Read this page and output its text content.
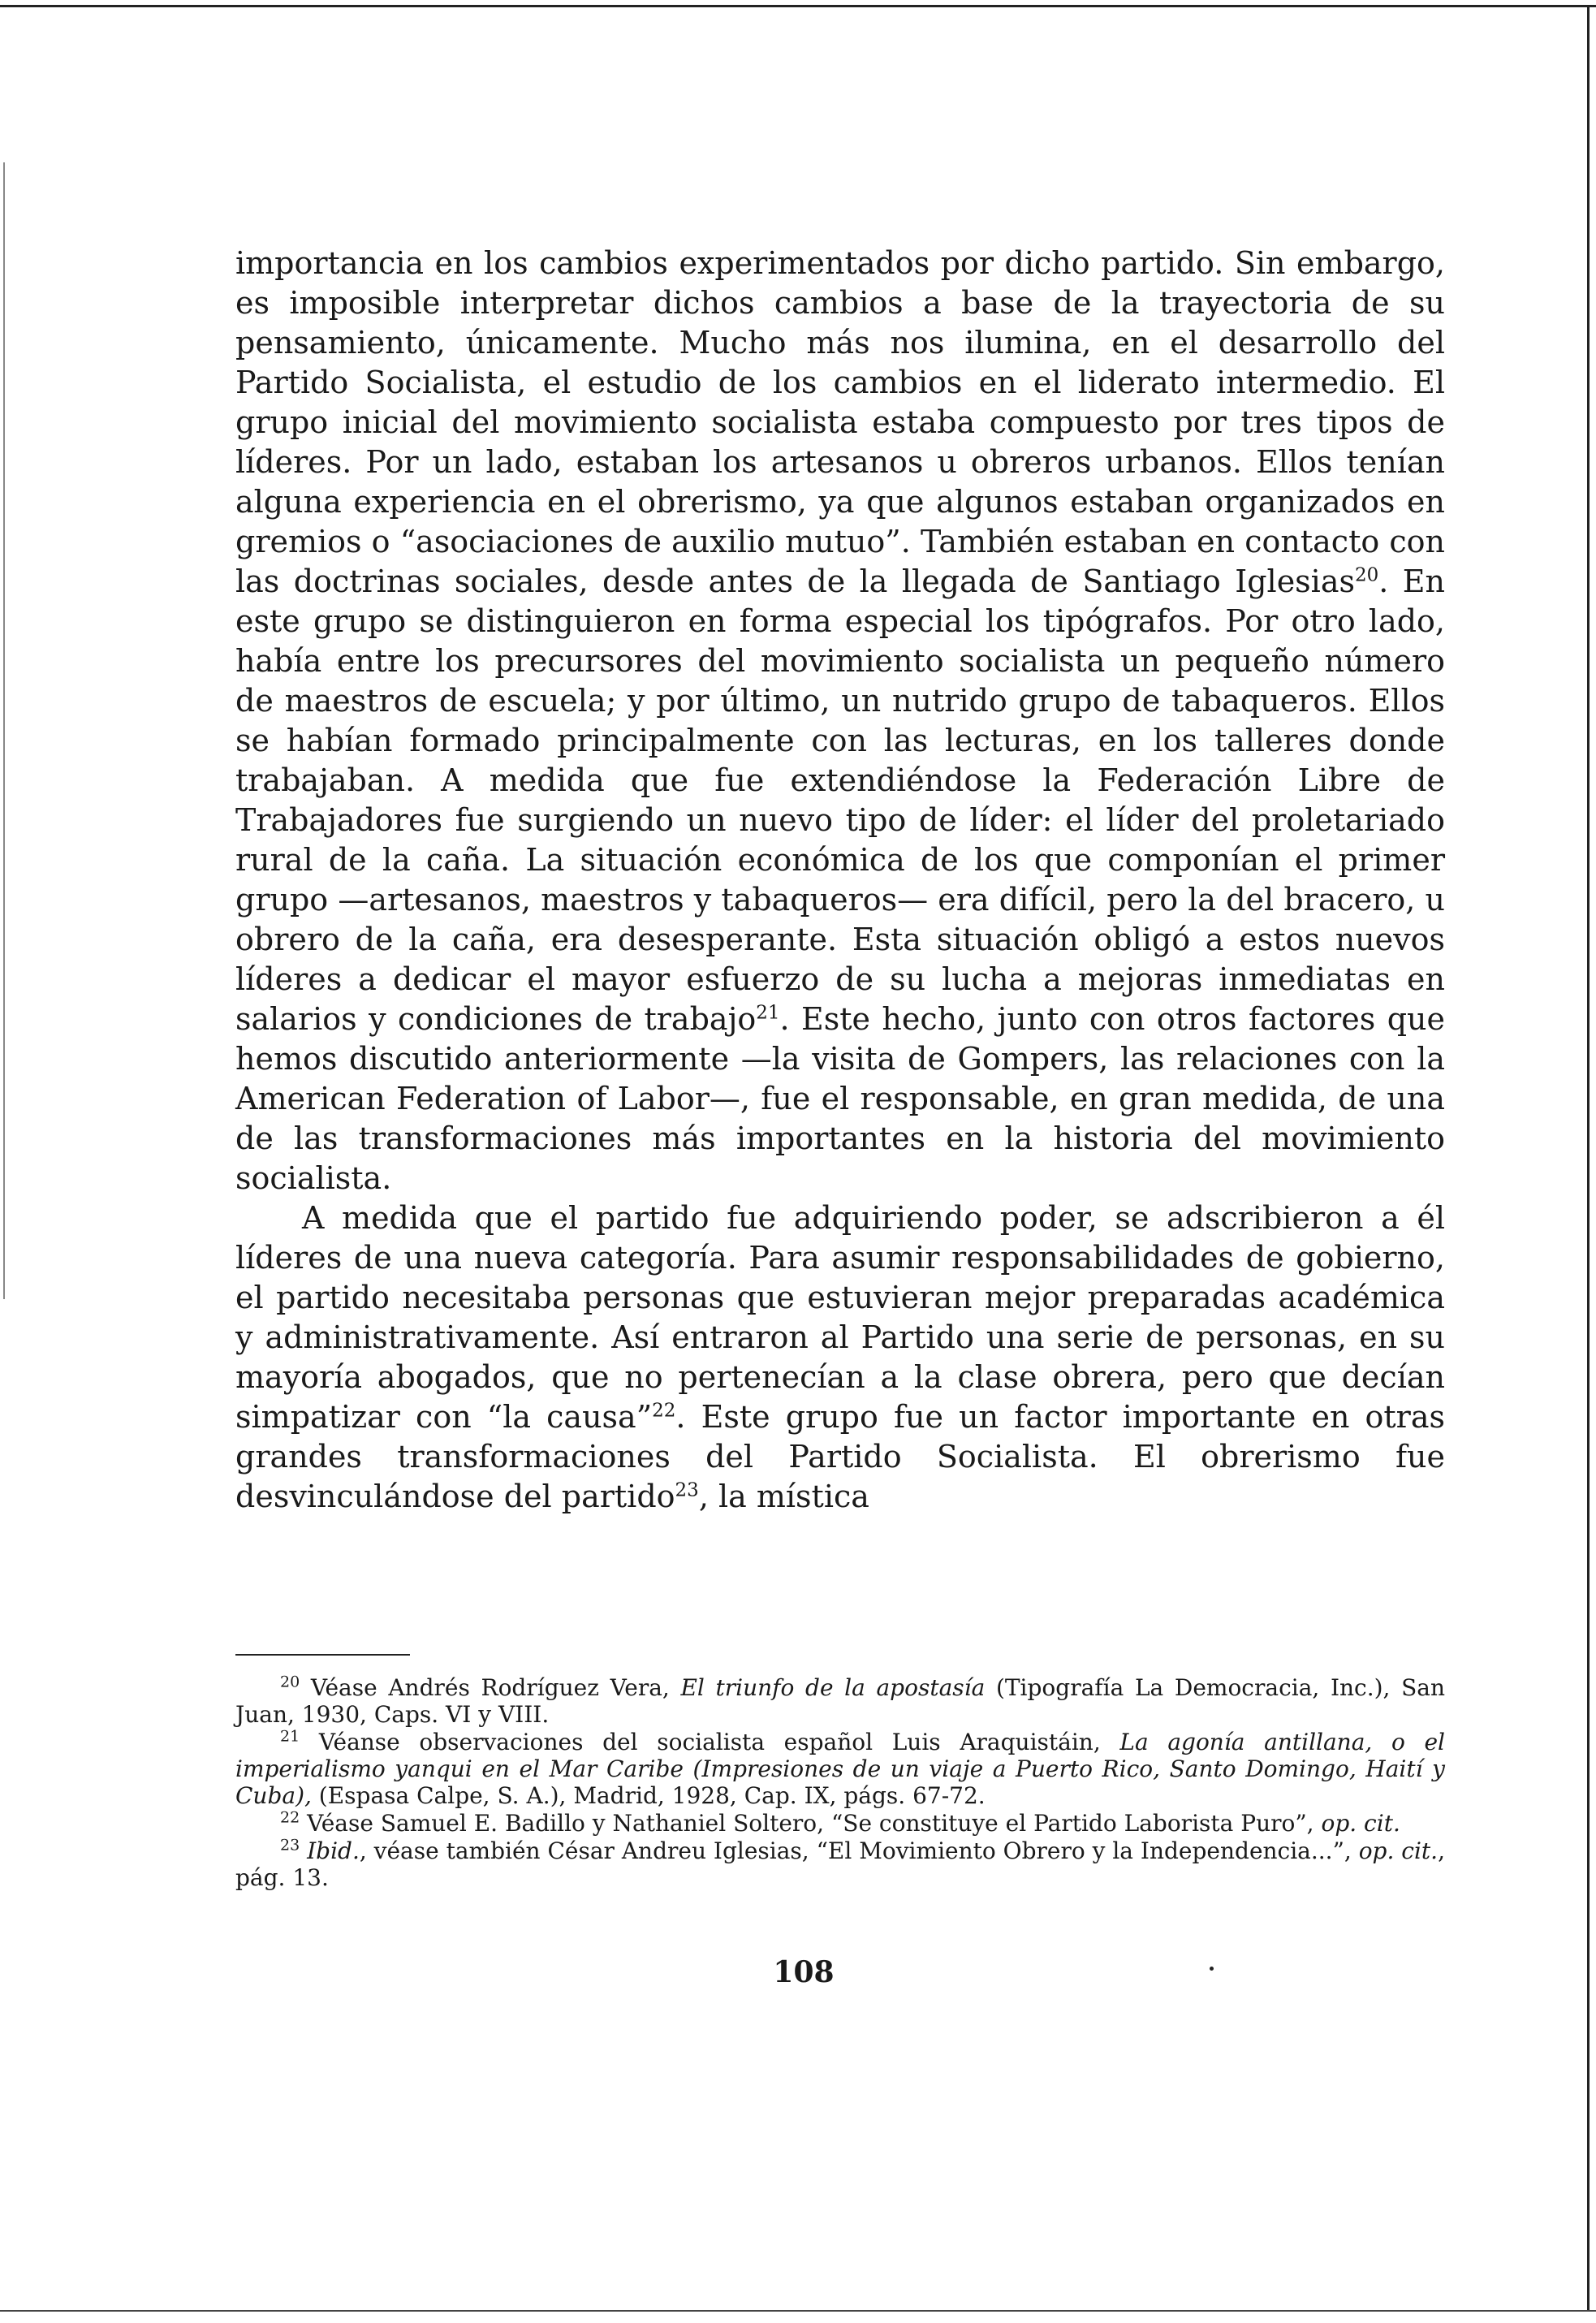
importancia en los cambios experimentados por dicho partido. Sin embargo, es imposible interpretar dichos cambios a base de la trayectoria de su pensamiento, únicamente. Mucho más nos ilumina, en el desarrollo del Partido Socialista, el estudio de los cambios en el liderato intermedio. El grupo inicial del movimiento socialista estaba compuesto por tres tipos de líderes. Por un lado, estaban los artesanos u obreros urbanos. Ellos tenían alguna experiencia en el obrerismo, ya que algunos estaban organizados en gremios o “asociaciones de auxilio mutuo”. También estaban en contacto con las doctrinas sociales, desde antes de la llegada de Santiago Iglesias$^{20}$. En este grupo se distinguieron en forma especial los tipógrafos. Por otro lado, había entre los precursores del movimiento socialista un pequeño número de maestros de escuela; y por último, un nutrido grupo de tabaqueros. Ellos se habían formado principalmente con las lecturas, en los talleres donde trabajaban. A medida que fue extendiéndose la Federación Libre de Trabajadores fue surgiendo un nuevo tipo de líder: el líder del proletariado rural de la caña. La situación económica de los que componían el primer grupo —artesanos, maestros y tabaqueros— era difícil, pero la del bracero, u obrero de la caña, era desesperante. Esta situación obligó a estos nuevos líderes a dedicar el mayor esfuerzo de su lucha a mejoras inmediatas en salarios y condiciones de trabajo$^{21}$. Este hecho, junto con otros factores que hemos discutido anteriormente —la visita de Gompers, las relaciones con la American Federation of Labor—, fue el responsable, en gran medida, de una de las transformaciones más importantes en la historia del movimiento socialista.

A medida que el partido fue adquiriendo poder, se adscribieron a él líderes de una nueva categoría. Para asumir responsabilidades de gobierno, el partido necesitaba personas que estuvieran mejor preparadas académica y administrativamente. Así entraron al Partido una serie de personas, en su mayoría abogados, que no pertenecían a la clase obrera, pero que decían simpatizar con “la causa”$^{22}$. Este grupo fue un factor importante en otras grandes transformaciones del Partido Socialista. El obrerismo fue desvinculándose del partido$^{23}$, la mística

$^{20}$ Véase Andrés Rodríguez Vera, El triunfo de la apostasía (Tipografía La Democracia, Inc.), San Juan, 1930, Caps. VI y VIII.

$^{21}$ Véanse observaciones del socialista español Luis Araquistáin, La agonía antillana, o el imperialismo yanqui en el Mar Caribe (Impresiones de un viaje a Puerto Rico, Santo Domingo, Haití y Cuba), (Espasa Calpe, S. A.), Madrid, 1928, Cap. IX, págs. 67-72.

$^{22}$ Véase Samuel E. Badillo y Nathaniel Soltero, “Se constituye el Partido Laborista Puro”, op. cit.

$^{23}$ Ibid., véase también César Andreu Iglesias, “El Movimiento Obrero y la Independencia...”, op. cit., pág. 13.

108
